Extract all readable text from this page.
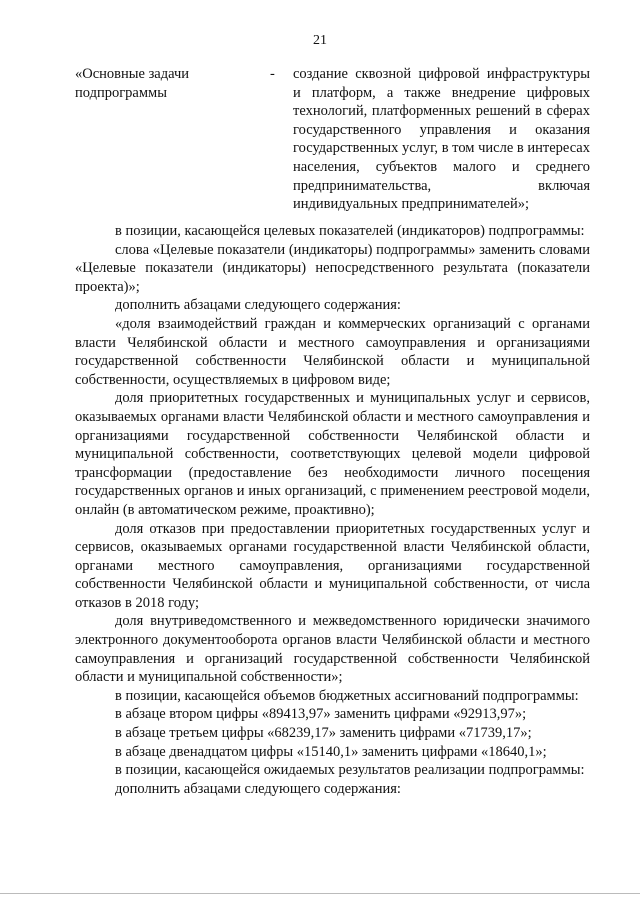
21
«Основные задачи
подпрограммы
- создание сквозной цифровой инфраструктуры и платформ, а также внедрение цифровых технологий, платформенных решений в сферах государственного управления и оказания государственных услуг, в том числе в интересах населения, субъектов малого и среднего предпринимательства, включая индивидуальных предпринимателей»;

в позиции, касающейся целевых показателей (индикаторов) подпрограммы:

слова «Целевые показатели (индикаторы) подпрограммы» заменить словами «Целевые показатели (индикаторы) непосредственного результата (показатели проекта)»;

дополнить абзацами следующего содержания:

«доля взаимодействий граждан и коммерческих организаций с органами власти Челябинской области и местного самоуправления и организациями государственной собственности Челябинской области и муниципальной собственности, осуществляемых в цифровом виде;

доля приоритетных государственных и муниципальных услуг и сервисов, оказываемых органами власти Челябинской области и местного самоуправления и организациями государственной собственности Челябинской области и муниципальной собственности, соответствующих целевой модели цифровой трансформации (предоставление без необходимости личного посещения государственных органов и иных организаций, с применением реестровой модели, онлайн (в автоматическом режиме, проактивно);

доля отказов при предоставлении приоритетных государственных услуг и сервисов, оказываемых органами государственной власти Челябинской области, органами местного самоуправления, организациями государственной собственности Челябинской области и муниципальной собственности, от числа отказов в 2018 году;

доля внутриведомственного и межведомственного юридически значимого электронного документооборота органов власти Челябинской области и местного самоуправления и организаций государственной собственности Челябинской области и муниципальной собственности»;

в позиции, касающейся объемов бюджетных ассигнований подпрограммы:

в абзаце втором цифры «89413,97» заменить цифрами «92913,97»;

в абзаце третьем цифры «68239,17» заменить цифрами «71739,17»;

в абзаце двенадцатом цифры «15140,1» заменить цифрами «18640,1»;

в позиции, касающейся ожидаемых результатов реализации подпрограммы:

дополнить абзацами следующего содержания:
